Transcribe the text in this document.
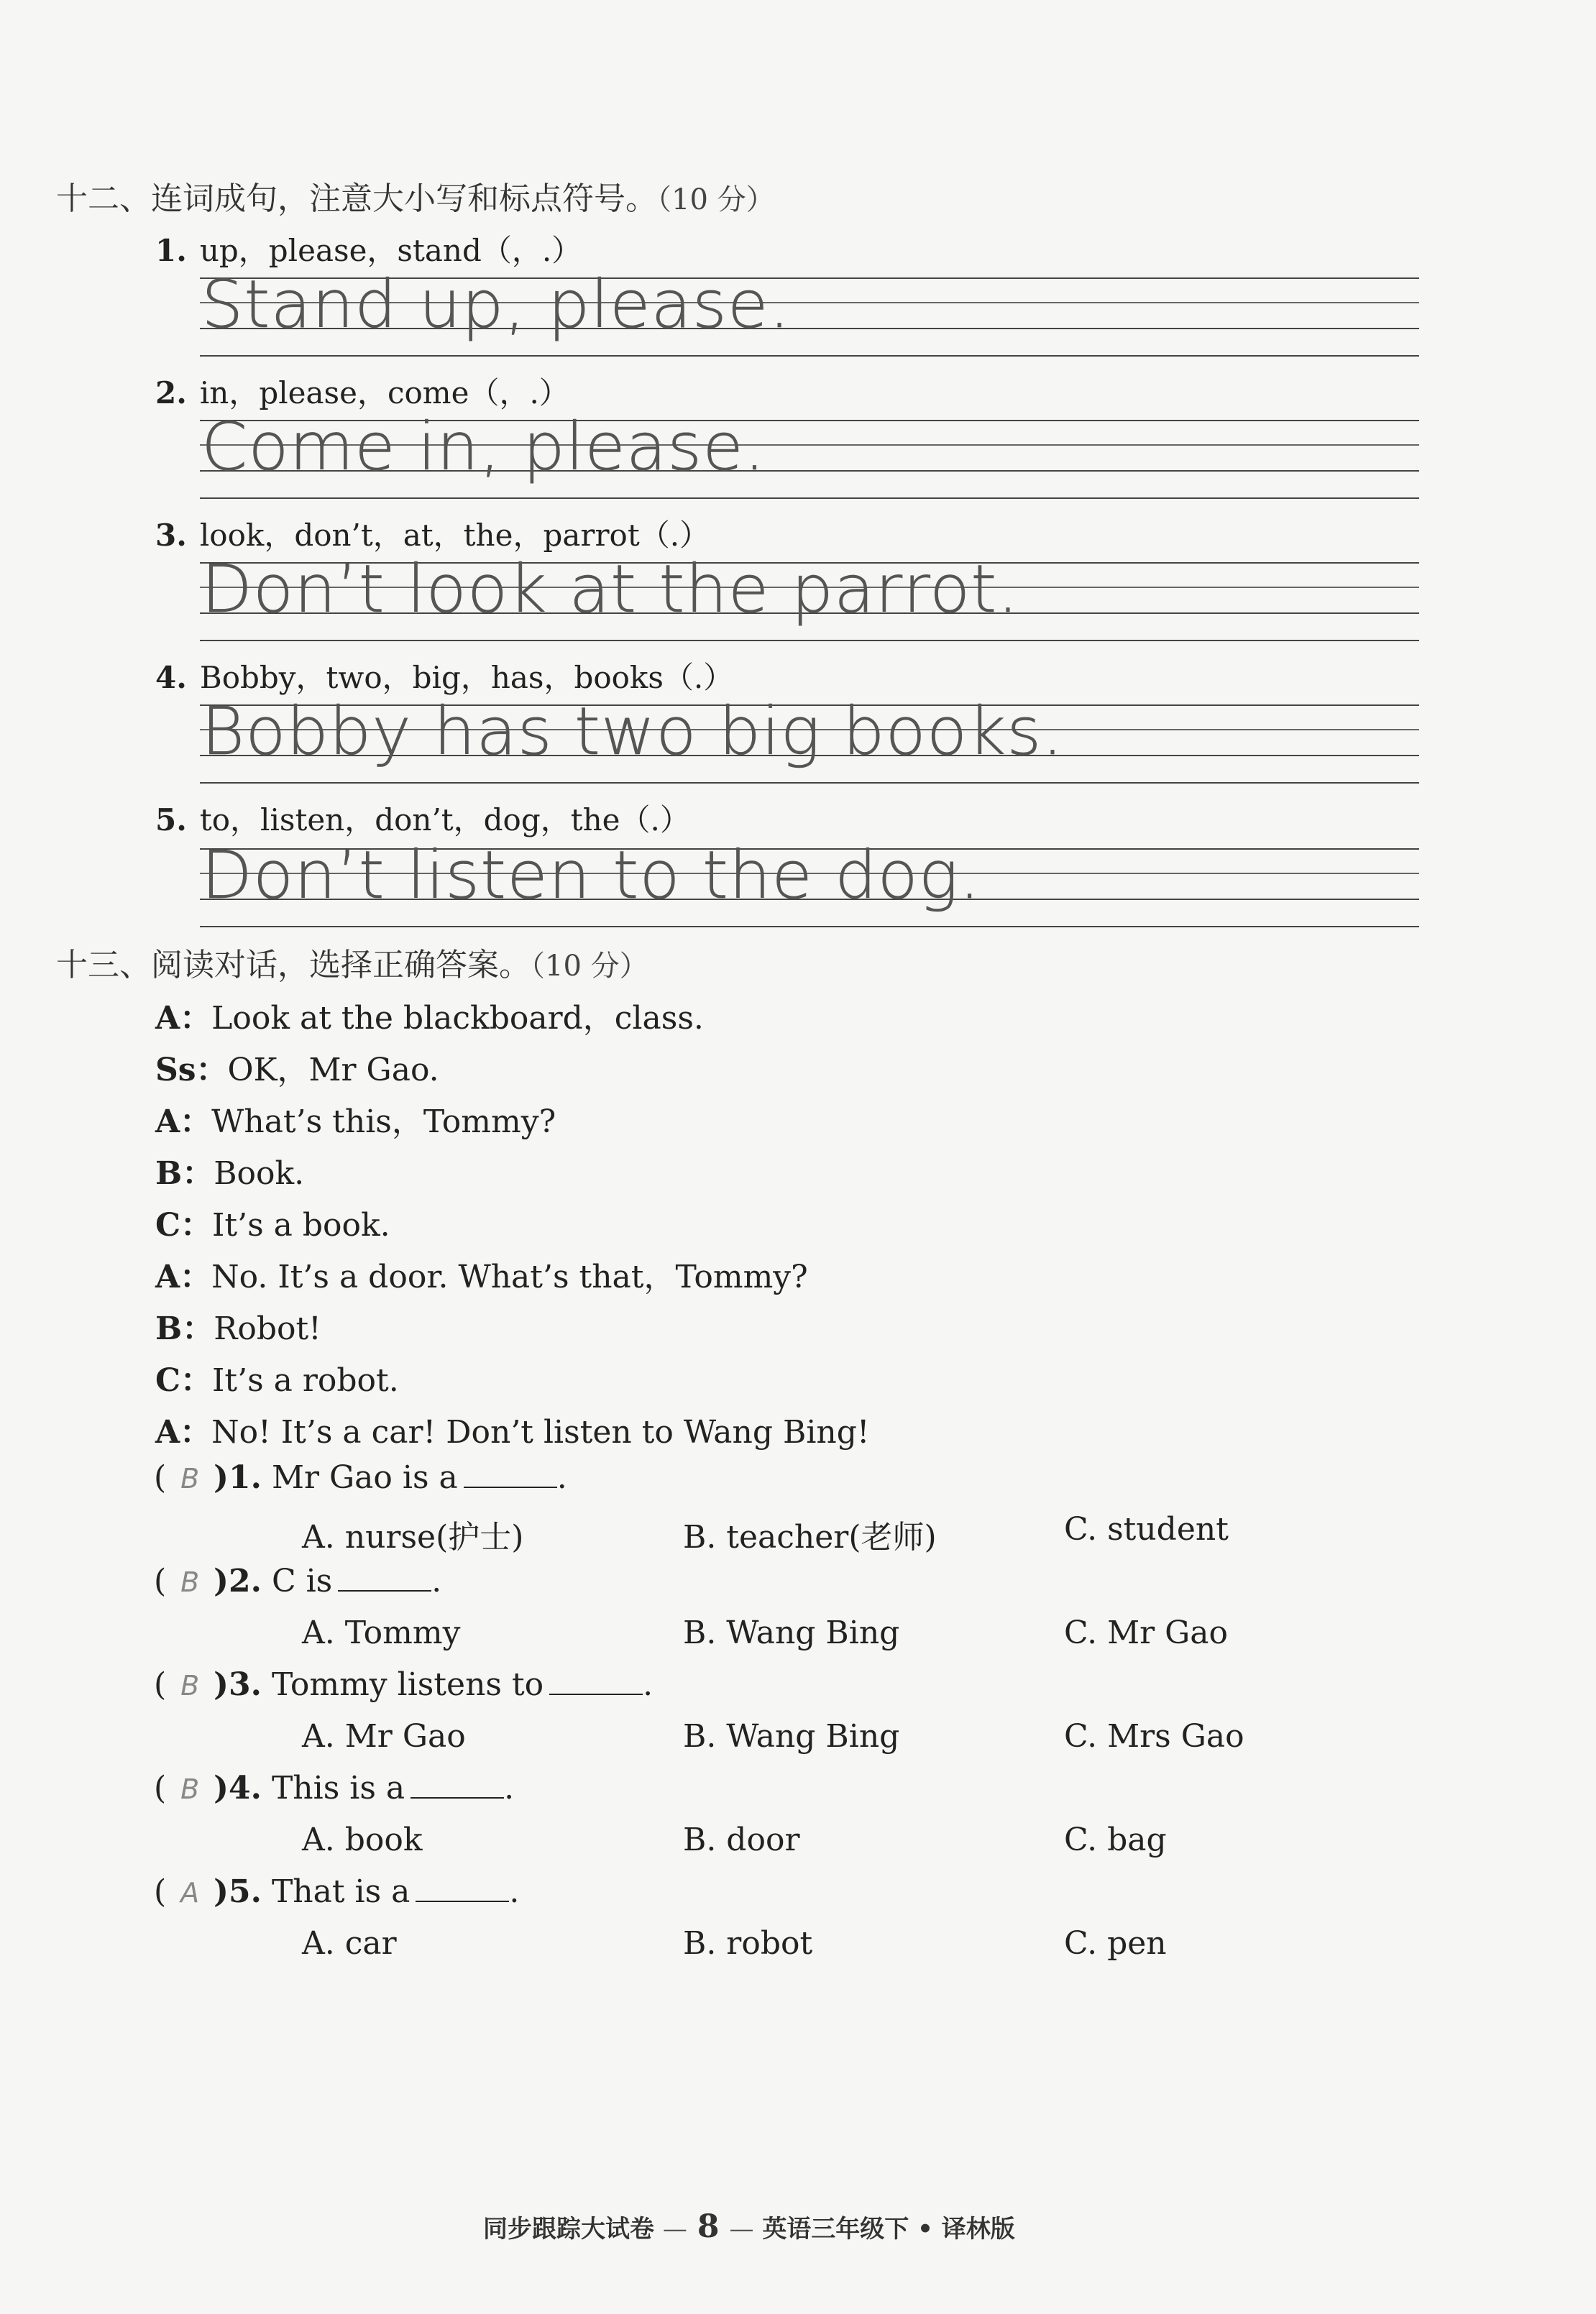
十二、连词成句，注意大小写和标点符号。（10 分）
1. up，please，stand（，.）
Stand up, please.
2. in，please，come（，.）
Come in, please.
3. look，don’t，at，the，parrot（.）
Don’t look at the parrot.
4. Bobby，two，big，has，books（.）
Bobby has two big books.
5. to，listen，don’t，dog，the（.）
Don’t listen to the dog.
十三、阅读对话，选择正确答案。（10 分）
A：Look at the blackboard，class.
Ss：OK，Mr Gao.
A：What’s this，Tommy?
B：Book.
C：It’s a book.
A：No. It’s a door. What’s that，Tommy?
B：Robot!
C：It’s a robot.
A：No! It’s a car! Don’t listen to Wang Bing!
( B )1. Mr Gao is a	.
A. nurse(护士)	B. teacher(老师)	C. student
( B )2. C is	.
A. Tommy	B. Wang Bing	C. Mr Gao
( B )3. Tommy listens to	.
A. Mr Gao	B. Wang Bing	C. Mrs Gao
( B )4. This is a	.
A. book	B. door	C. bag
( A )5. That is a	.
A. car	B. robot	C. pen
同步跟踪大试卷 — 8 — 英语三年级下 • 译林版
